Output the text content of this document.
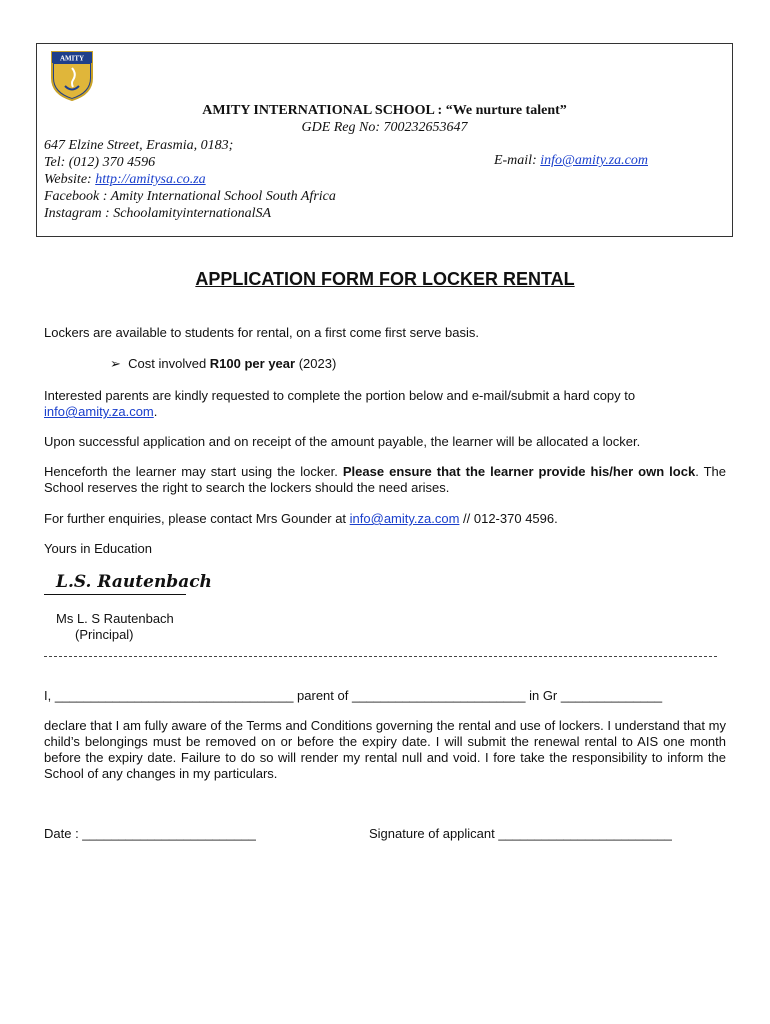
AMITY
AMITY INTERNATIONAL SCHOOL : “We nurture talent”
GDE Reg No: 700232653647
647 Elzine Street, Erasmia, 0183;
Tel: (012) 370 4596	E-mail: info@amity.za.com
Website: http://amitysa.co.za
Facebook : Amity International School South Africa
Instagram : SchoolamityinternationalSA
APPLICATION FORM FOR LOCKER RENTAL
Lockers are available to students for rental, on a first come first serve basis.
➢ Cost involved R100 per year (2023)
Interested parents are kindly requested to complete the portion below and e-mail/submit a hard copy to
info@amity.za.com.
Upon successful application and on receipt of the amount payable, the learner will be allocated a locker.
Henceforth the learner may start using the locker. Please ensure that the learner provide his/her own lock. The School reserves the right to search the lockers should the need arises.
For further enquiries, please contact Mrs Gounder at info@amity.za.com // 012-370 4596.
Yours in Education
L.S. Rautenbach
Ms L. S Rautenbach
(Principal)
I, _________________________________ parent of ________________________ in Gr ______________
declare that I am fully aware of the Terms and Conditions governing the rental and use of lockers. I understand that my child’s belongings must be removed on or before the expiry date. I will submit the renewal rental to AIS one month before the expiry date. Failure to do so will render my rental null and void. I fore take the responsibility to inform the School of any changes in my particulars.
Date : ________________________	Signature of applicant ________________________
